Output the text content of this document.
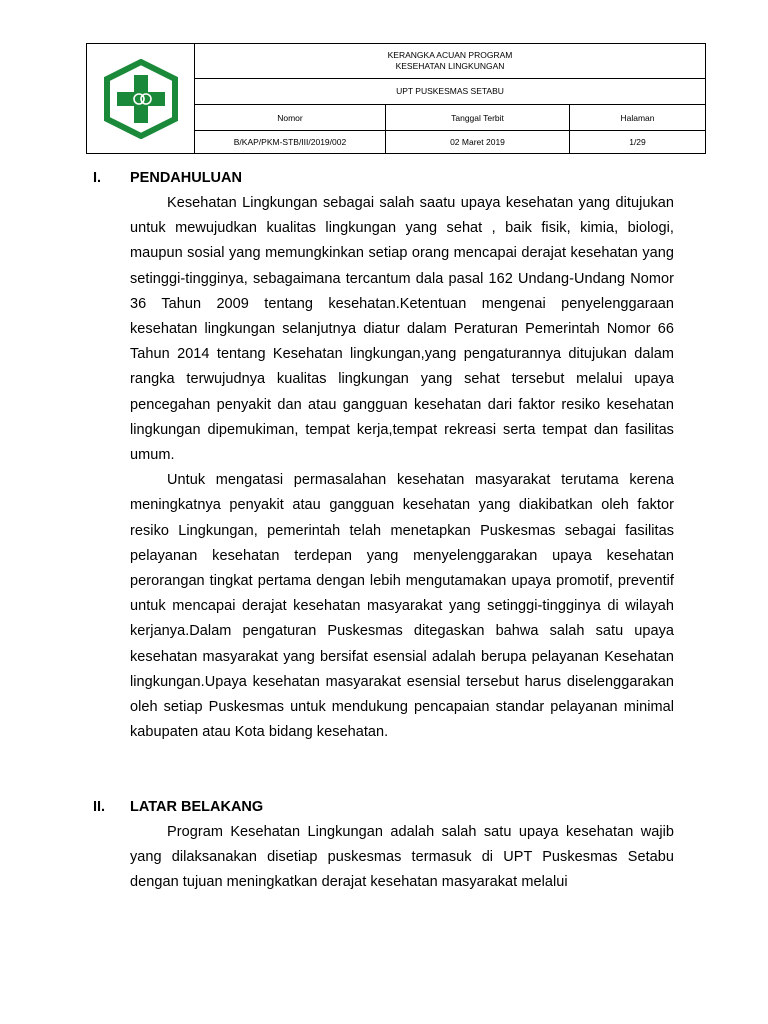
KERANGKA ACUAN PROGRAM
KESEHATAN LINGKUNGAN
UPT PUSKESMAS SETABU
Nomor	Tanggal Terbit	Halaman
B/KAP/PKM-STB/III/2019/002	02 Maret 2019	1/29
I.	PENDAHULUAN

Kesehatan Lingkungan sebagai salah saatu upaya kesehatan yang ditujukan untuk mewujudkan kualitas lingkungan yang sehat , baik fisik, kimia, biologi, maupun sosial yang memungkinkan setiap orang mencapai derajat kesehatan yang setinggi-tingginya, sebagaimana tercantum dala pasal 162 Undang-Undang Nomor 36 Tahun 2009 tentang kesehatan.Ketentuan mengenai penyelenggaraan kesehatan lingkungan selanjutnya diatur dalam Peraturan Pemerintah Nomor 66 Tahun 2014 tentang Kesehatan lingkungan,yang pengaturannya ditujukan dalam rangka terwujudnya kualitas lingkungan yang sehat tersebut melalui upaya pencegahan penyakit dan atau gangguan kesehatan dari faktor resiko kesehatan lingkungan dipemukiman, tempat kerja,tempat rekreasi serta tempat dan fasilitas umum.

Untuk mengatasi permasalahan kesehatan masyarakat terutama kerena meningkatnya penyakit atau gangguan kesehatan yang diakibatkan oleh faktor resiko Lingkungan, pemerintah telah menetapkan Puskesmas sebagai fasilitas pelayanan kesehatan terdepan yang menyelenggarakan upaya kesehatan perorangan tingkat pertama dengan lebih mengutamakan upaya promotif, preventif untuk mencapai derajat kesehatan masyarakat yang setinggi-tingginya di wilayah kerjanya.Dalam pengaturan Puskesmas ditegaskan bahwa salah satu upaya kesehatan masyarakat yang bersifat esensial adalah berupa pelayanan Kesehatan lingkungan.Upaya kesehatan masyarakat esensial tersebut harus diselenggarakan oleh setiap Puskesmas untuk mendukung pencapaian standar pelayanan minimal kabupaten atau Kota bidang kesehatan.

II.	LATAR BELAKANG

Program Kesehatan Lingkungan adalah salah satu upaya kesehatan wajib yang dilaksanakan disetiap puskesmas termasuk di UPT Puskesmas Setabu dengan tujuan meningkatkan derajat kesehatan masyarakat melalui
